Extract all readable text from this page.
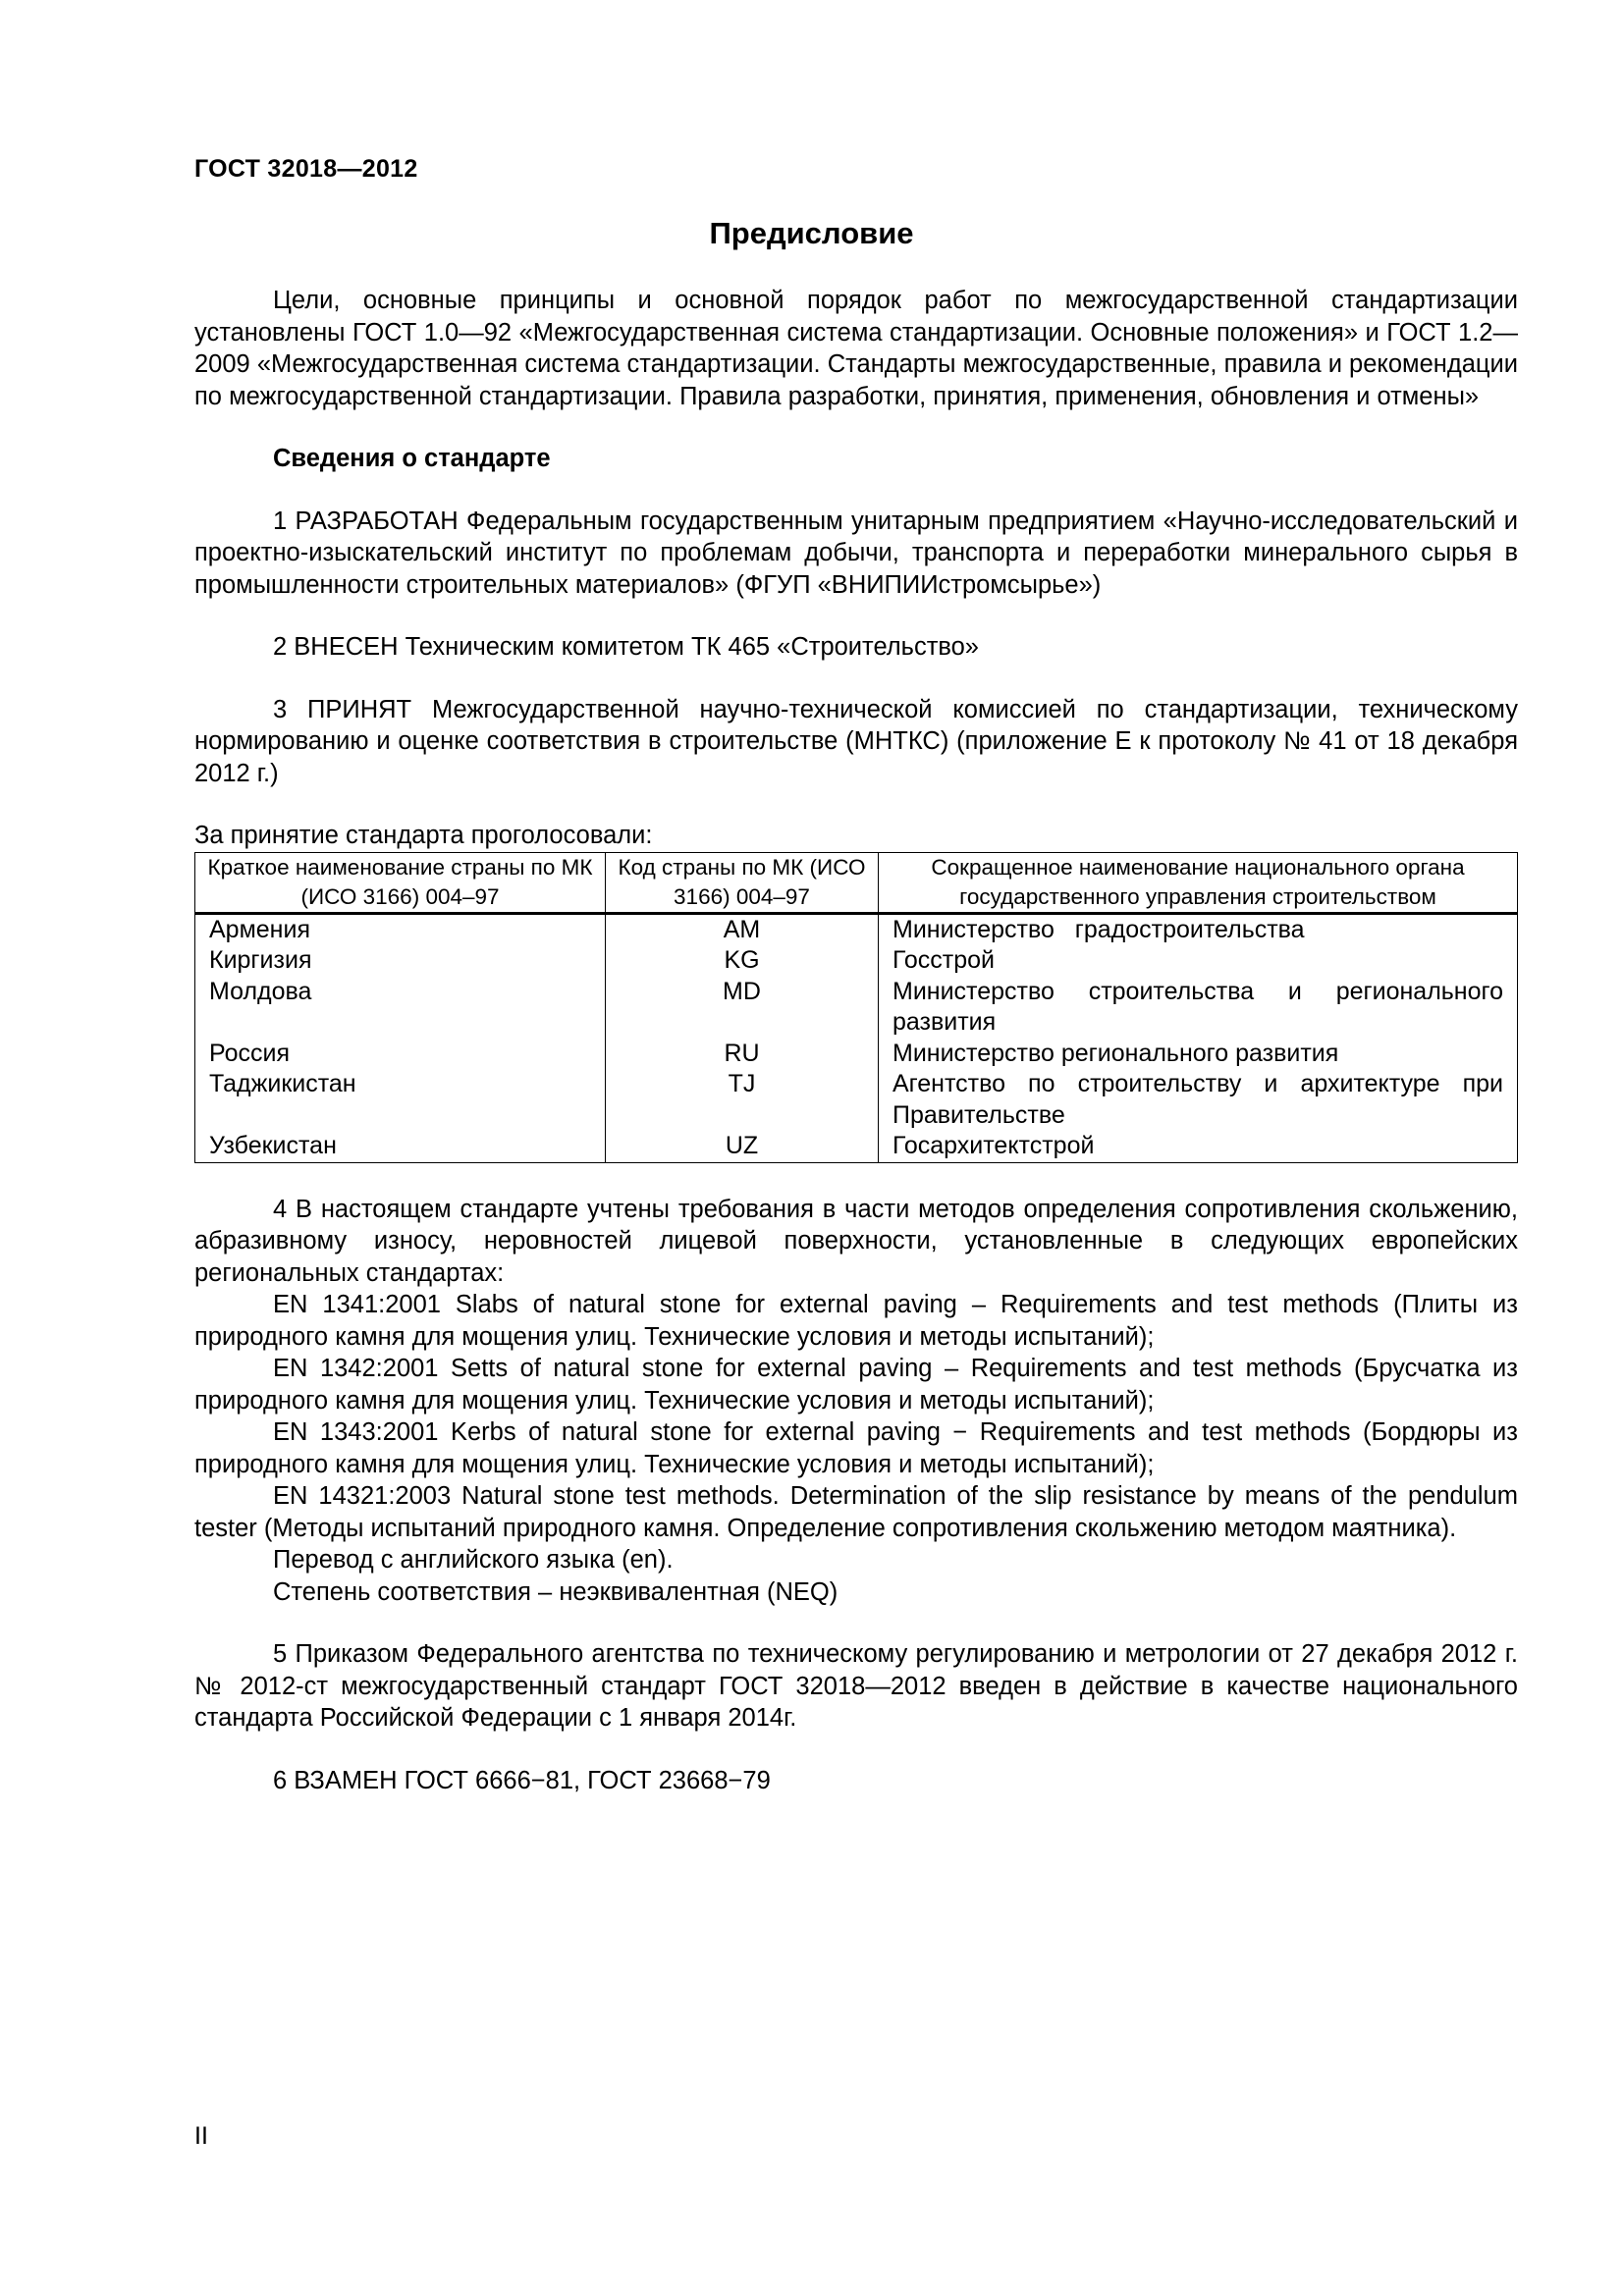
ГОСТ 32018—2012
Предисловие

Цели, основные принципы и основной порядок работ по межгосударственной стандартизации установлены ГОСТ 1.0—92 «Межгосударственная система стандартизации. Основные положения» и ГОСТ 1.2—2009 «Межгосударственная система стандартизации. Стандарты межгосударственные, правила и рекомендации по межгосударственной стандартизации. Правила разработки, принятия, применения, обновления и отмены»

Сведения о стандарте

1 РАЗРАБОТАН Федеральным государственным унитарным предприятием «Научно-исследовательский и проектно-изыскательский институт по проблемам добычи, транспорта и переработки минерального сырья в промышленности строительных материалов» (ФГУП «ВНИПИИстромсырье»)

2 ВНЕСЕН Техническим комитетом ТК 465 «Строительство»

3 ПРИНЯТ Межгосударственной научно-технической комиссией по стандартизации, техническому нормированию и оценке соответствия в строительстве (МНТКС) (приложение Е к протоколу № 41 от 18 декабря 2012 г.)

За принятие стандарта проголосовали:

Краткое наименование страны по МК (ИСО 3166) 004–97	Код страны по МК (ИСО 3166) 004–97	Сокращенное наименование национального органа государственного управления строительством
Армения	AM	Министерство   градостроительства
Киргизия	KG	Госстрой
Молдова	MD	Министерство строительства и регионального развития
Россия	RU	Министерство регионального развития
Таджикистан	TJ	Агентство по строительству и архитектуре при Правительстве
Узбекистан	UZ	Госархитектстрой

4 В настоящем стандарте учтены требования в части методов определения сопротивления скольжению, абразивному износу, неровностей лицевой поверхности, установленные в следующих европейских региональных стандартах:

EN 1341:2001 Slabs of natural stone for external paving – Requirements and test methods (Плиты из природного камня для мощения улиц. Технические условия и методы испытаний);

EN 1342:2001 Setts of natural stone for external paving – Requirements and test methods (Брусчатка из природного камня для мощения улиц. Технические условия и методы испытаний);

EN 1343:2001 Kerbs of natural stone for external paving − Requirements and test methods (Бордюры из природного камня для мощения улиц. Технические условия и методы испытаний);

EN 14321:2003 Natural stone test methods. Determination of the slip resistance by means of the pendulum tester (Методы испытаний природного камня. Определение сопротивления скольжению методом маятника).

Перевод с английского языка (en).

Степень соответствия – неэквивалентная (NEQ)

5 Приказом Федерального агентства по техническому регулированию и метрологии от 27 декабря 2012 г. № 2012-ст межгосударственный стандарт ГОСТ 32018—2012 введен в действие в качестве национального стандарта Российской Федерации с 1 января 2014г.

6 ВЗАМЕН ГОСТ 6666−81, ГОСТ 23668−79

II
